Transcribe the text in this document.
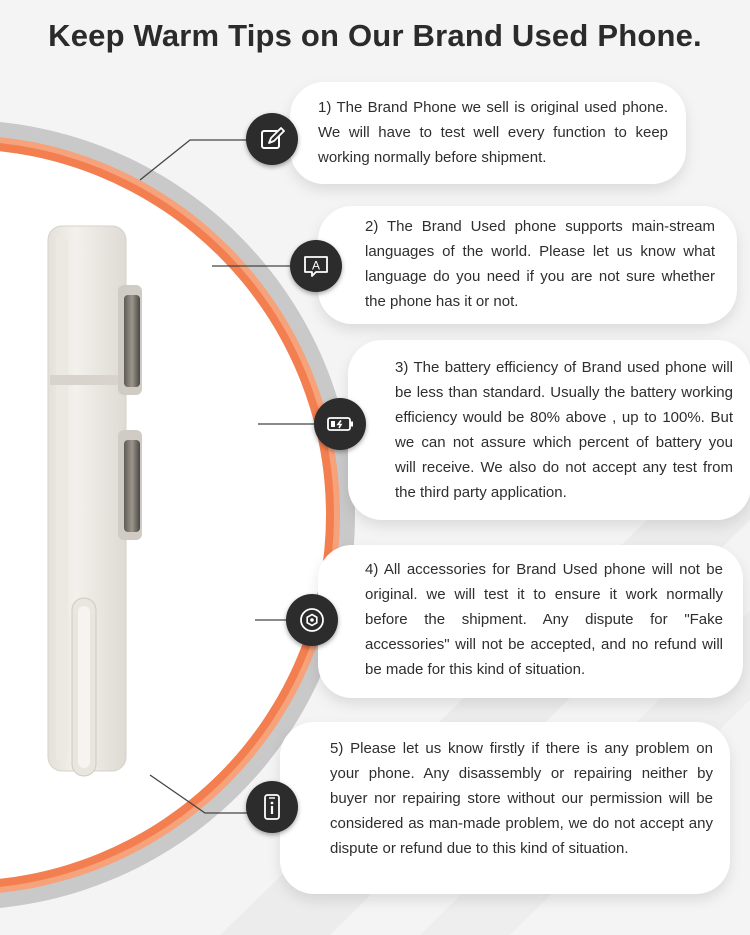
Keep Warm Tips on Our Brand Used Phone.

1) The Brand Phone we sell is original used phone. We will have to test well every function to keep working normally before shipment.

2) The Brand Used phone supports main-stream languages of the world. Please let us know what language do you need if you are not sure whether the phone has it or not.

A

3) The battery efficiency of Brand used phone will be less than standard. Usually the battery working efficiency would be 80% above , up to 100%. But we can not assure which percent of battery you will receive. We also do not accept any test from the third party application.

4) All accessories for Brand Used phone will not be original. we will test it to ensure it work normally before the shipment. Any dispute for "Fake accessories" will not be accepted, and no refund will be made for this kind of situation.

5) Please let us know firstly if there is any problem on your phone. Any disassembly or repairing neither by buyer nor repairing store without our permission will be considered as man-made problem, we do not accept any dispute or refund due to this kind of situation.
